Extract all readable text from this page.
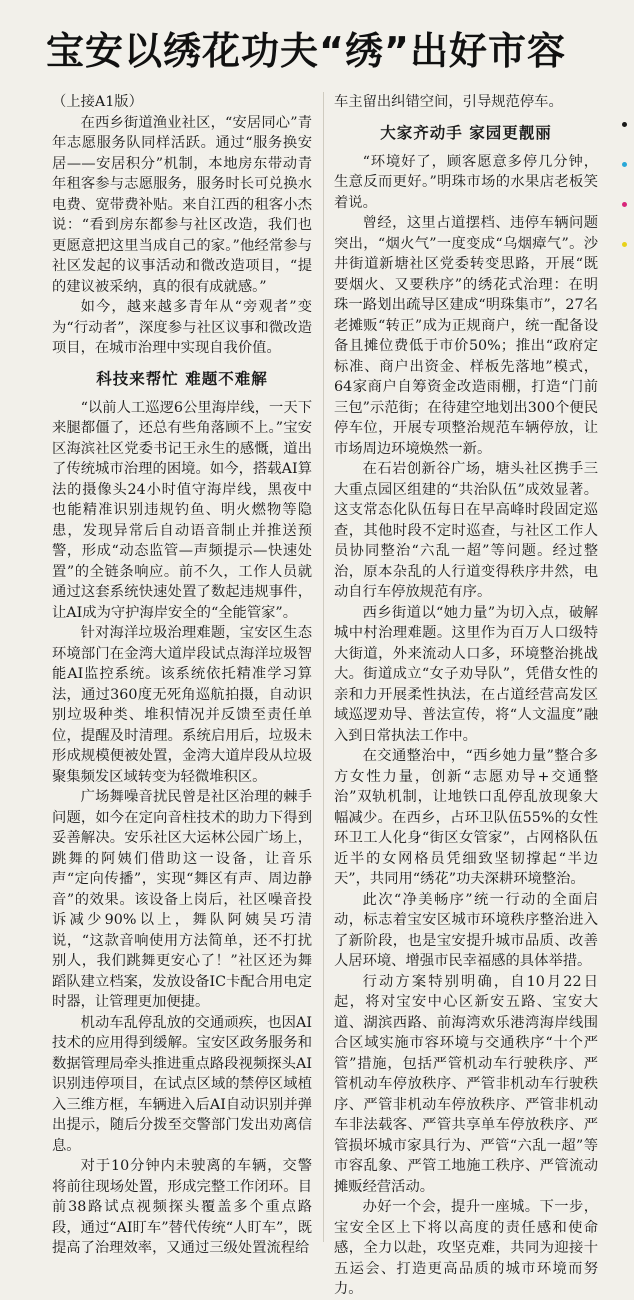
宝安以绣花功夫“绣”出好市容

（上接A1版）

在西乡街道渔业社区，“安居同心”青年志愿服务队同样活跃。通过“服务换安居——安居积分”机制，本地房东带动青年租客参与志愿服务，服务时长可兑换水电费、宽带费补贴。来自江西的租客小杰说：“看到房东都参与社区改造，我们也更愿意把这里当成自己的家。”他经常参与社区发起的议事活动和微改造项目，“提的建议被采纳，真的很有成就感。”

如今，越来越多青年从“旁观者”变为“行动者”，深度参与社区议事和微改造项目，在城市治理中实现自我价值。

科技来帮忙 难题不难解

“以前人工巡逻6公里海岸线，一天下来腿都僵了，还总有些角落顾不上。”宝安区海滨社区党委书记王永生的感慨，道出了传统城市治理的困境。如今，搭载AI算法的摄像头24小时值守海岸线，黑夜中也能精准识别违规钓鱼、明火燃物等隐患，发现异常后自动语音制止并推送预警，形成“动态监管—声频提示—快速处置”的全链条响应。前不久，工作人员就通过这套系统快速处置了数起违规事件，让AI成为守护海岸安全的“全能管家”。

针对海洋垃圾治理难题，宝安区生态环境部门在金湾大道岸段试点海洋垃圾智能AI监控系统。该系统依托精准学习算法，通过360度无死角巡航拍摄，自动识别垃圾种类、堆积情况并反馈至责任单位，提醒及时清理。系统启用后，垃圾未形成规模便被处置，金湾大道岸段从垃圾聚集频发区域转变为轻微堆积区。

广场舞噪音扰民曾是社区治理的棘手问题，如今在定向音柱技术的助力下得到妥善解决。安乐社区大运林公园广场上，跳舞的阿姨们借助这一设备，让音乐声“定向传播”，实现“舞区有声、周边静音”的效果。该设备上岗后，社区噪音投诉减少90%以上，舞队阿姨吴巧清说，“这款音响使用方法简单，还不打扰别人，我们跳舞更安心了！”社区还为舞蹈队建立档案，发放设备IC卡配合用电定时器，让管理更加便捷。

机动车乱停乱放的交通顽疾，也因AI技术的应用得到缓解。宝安区政务服务和数据管理局牵头推进重点路段视频探头AI识别违停项目，在试点区域的禁停区域植入三维方框，车辆进入后AI自动识别并弹出提示，随后分拨至交警部门发出劝离信息。

对于10分钟内未驶离的车辆，交警将前往现场处置，形成完整工作闭环。目前38路试点视频探头覆盖多个重点路段，通过“AI盯车”替代传统“人盯车”，既提高了治理效率，又通过三级处置流程给

车主留出纠错空间，引导规范停车。

大家齐动手 家园更靓丽

“环境好了，顾客愿意多停几分钟，生意反而更好。”明珠市场的水果店老板笑着说。

曾经，这里占道摆档、违停车辆问题突出，“烟火气”一度变成“乌烟瘴气”。沙井街道新塘社区党委转变思路，开展“既要烟火、又要秩序”的绣花式治理：在明珠一路划出疏导区建成“明珠集市”，27名老摊贩“转正”成为正规商户，统一配备设备且摊位费低于市价50%；推出“政府定标准、商户出资金、样板先落地”模式，64家商户自筹资金改造雨棚，打造“门前三包”示范街；在待建空地划出300个便民停车位，开展专项整治规范车辆停放，让市场周边环境焕然一新。

在石岩创新谷广场，塘头社区携手三大重点园区组建的“共治队伍”成效显著。这支常态化队伍每日在早高峰时段固定巡查，其他时段不定时巡查，与社区工作人员协同整治“六乱一超”等问题。经过整治，原本杂乱的人行道变得秩序井然，电动自行车停放规范有序。

西乡街道以“她力量”为切入点，破解城中村治理难题。这里作为百万人口级特大街道，外来流动人口多，环境整治挑战大。街道成立“女子劝导队”，凭借女性的亲和力开展柔性执法，在占道经营高发区域巡逻劝导、普法宣传，将“人文温度”融入到日常执法工作中。

在交通整治中，“西乡她力量”整合多方女性力量，创新“志愿劝导+交通整治”双轨机制，让地铁口乱停乱放现象大幅减少。在西乡，占环卫队伍55%的女性环卫工人化身“街区女管家”，占网格队伍近半的女网格员凭细致坚韧撑起“半边天”，共同用“绣花”功夫深耕环境整治。

此次“净美畅序”统一行动的全面启动，标志着宝安区城市环境秩序整治进入了新阶段，也是宝安提升城市品质、改善人居环境、增强市民幸福感的具体举措。

行动方案特别明确，自10月22日起，将对宝安中心区新安五路、宝安大道、湖滨西路、前海湾欢乐港湾海岸线围合区域实施市容环境与交通秩序“十个严管”措施，包括严管机动车行驶秩序、严管机动车停放秩序、严管非机动车行驶秩序、严管非机动车停放秩序、严管非机动车非法载客、严管共享单车停放秩序、严管损坏城市家具行为、严管“六乱一超”等市容乱象、严管工地施工秩序、严管流动摊贩经营活动。

办好一个会，提升一座城。下一步，宝安全区上下将以高度的责任感和使命感，全力以赴，攻坚克难，共同为迎接十五运会、打造更高品质的城市环境而努力。
